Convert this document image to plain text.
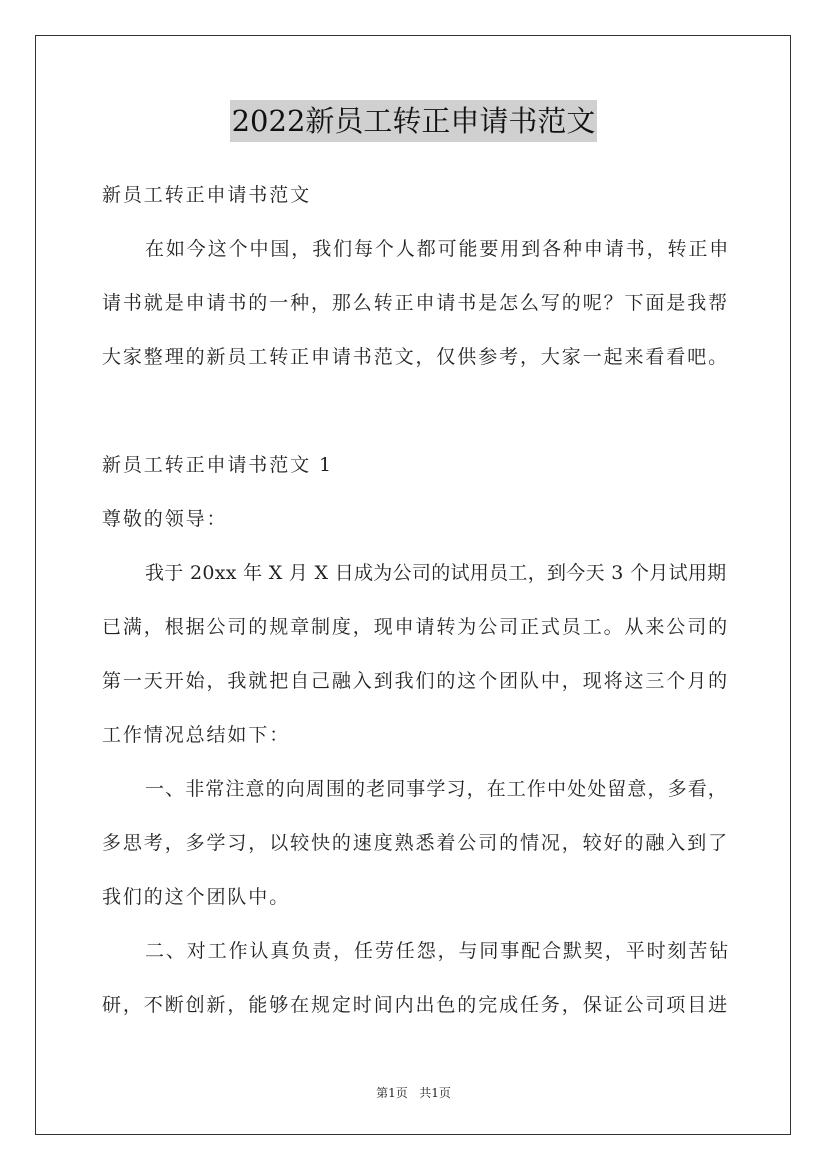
2022新员工转正申请书范文
新员工转正申请书范文
在如今这个中国，我们每个人都可能要用到各种申请书，转正申
请书就是申请书的一种，那么转正申请书是怎么写的呢？下面是我帮
大家整理的新员工转正申请书范文，仅供参考，大家一起来看看吧。
新员工转正申请书范文 1
尊敬的领导：
我于 20xx 年 X 月 X 日成为公司的试用员工，到今天 3 个月试用期
已满，根据公司的规章制度，现申请转为公司正式员工。从来公司的
第一天开始，我就把自己融入到我们的这个团队中，现将这三个月的
工作情况总结如下：
一、非常注意的向周围的老同事学习，在工作中处处留意，多看，
多思考，多学习，以较快的速度熟悉着公司的情况，较好的融入到了
我们的这个团队中。
二、对工作认真负责，任劳任怨，与同事配合默契，平时刻苦钻
研，不断创新，能够在规定时间内出色的完成任务，保证公司项目进
第1页   共1页
